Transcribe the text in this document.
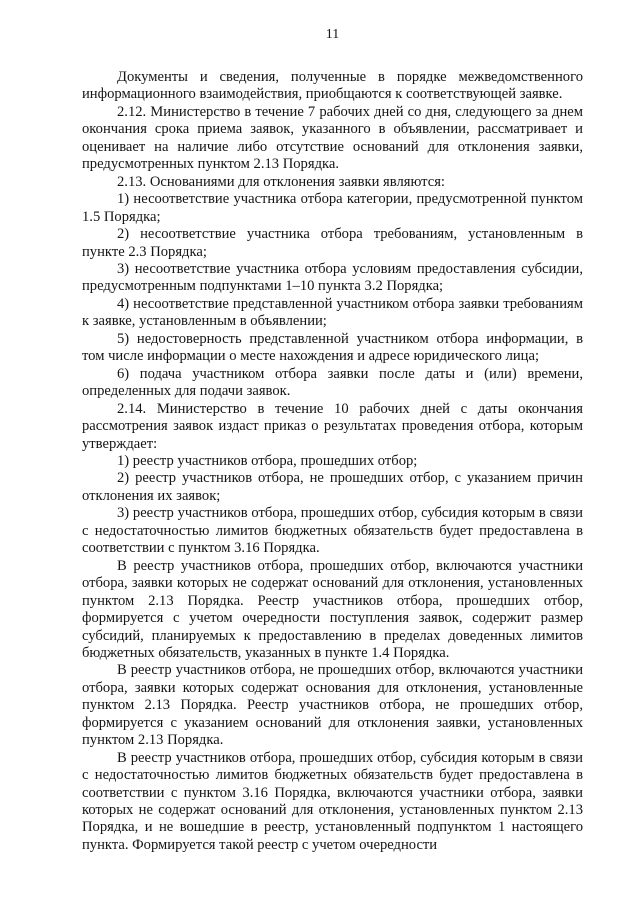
11

Документы и сведения, полученные в порядке межведомственного информационного взаимодействия, приобщаются к соответствующей заявке.

2.12. Министерство в течение 7 рабочих дней со дня, следующего за днем окончания срока приема заявок, указанного в объявлении, рассматривает и оценивает на наличие либо отсутствие оснований для отклонения заявки, предусмотренных пунктом 2.13 Порядка.

2.13. Основаниями для отклонения заявки являются:

1) несоответствие участника отбора категории, предусмотренной пунктом 1.5 Порядка;

2) несоответствие участника отбора требованиям, установленным в пункте 2.3 Порядка;

3) несоответствие участника отбора условиям предоставления субсидии, предусмотренным подпунктами 1–10 пункта 3.2 Порядка;

4) несоответствие представленной участником отбора заявки требованиям к заявке, установленным в объявлении;

5) недостоверность представленной участником отбора информации, в том числе информации о месте нахождения и адресе юридического лица;

6) подача участником отбора заявки после даты и (или) времени, определенных для подачи заявок.

2.14. Министерство в течение 10 рабочих дней с даты окончания рассмотрения заявок издаст приказ о результатах проведения отбора, которым утверждает:

1) реестр участников отбора, прошедших отбор;

2) реестр участников отбора, не прошедших отбор, с указанием причин отклонения их заявок;

3) реестр участников отбора, прошедших отбор, субсидия которым в связи с недостаточностью лимитов бюджетных обязательств будет предоставлена в соответствии с пунктом 3.16 Порядка.

В реестр участников отбора, прошедших отбор, включаются участники отбора, заявки которых не содержат оснований для отклонения, установленных пунктом 2.13 Порядка. Реестр участников отбора, прошедших отбор, формируется с учетом очередности поступления заявок, содержит размер субсидий, планируемых к предоставлению в пределах доведенных лимитов бюджетных обязательств, указанных в пункте 1.4 Порядка.

В реестр участников отбора, не прошедших отбор, включаются участники отбора, заявки которых содержат основания для отклонения, установленные пунктом 2.13 Порядка. Реестр участников отбора, не прошедших отбор, формируется с указанием оснований для отклонения заявки, установленных пунктом 2.13 Порядка.

В реестр участников отбора, прошедших отбор, субсидия которым в связи с недостаточностью лимитов бюджетных обязательств будет предоставлена в соответствии с пунктом 3.16 Порядка, включаются участники отбора, заявки которых не содержат оснований для отклонения, установленных пунктом 2.13 Порядка, и не вошедшие в реестр, установленный подпунктом 1 настоящего пункта. Формируется такой реестр с учетом очередности
